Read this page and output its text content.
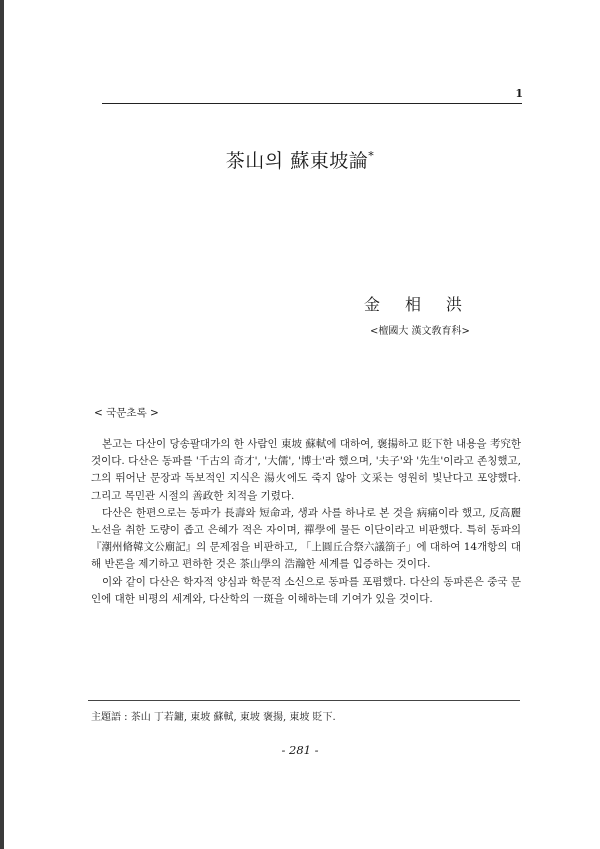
1
茶山의 蘇東坡論*
金相洪
<檀國大 漢文敎育科>
< 국문초록 >

본고는 다산이 당송팔대가의 한 사람인 東坡 蘇軾에 대하여, 褒揚하고 貶下한 내용을 考究한 것이다. 다산은 동파를 '千古의 奇才', '大儒', '博士'라 했으며, '夫子'와 '先生'이라고 존칭했고, 그의 뛰어난 문장과 독보적인 지식은 湯火에도 죽지 않아 文采는 영원히 빛난다고 포양했다. 그리고 목민관 시절의 善政한 치적을 기렸다.

다산은 한편으로는 동파가 長壽와 短命과, 생과 사를 하나로 본 것을 病痛이라 했고, 反高麗 노선을 취한 도량이 좁고 은혜가 적은 자이며, 禪學에 물든 이단이라고 비판했다. 특히 동파의 『潮州脩韓文公廟記』의 문제점을 비판하고, 「上圓丘合祭六議箚子」에 대하여 14개항의 대해 반론을 제기하고 편하한 것은 茶山學의 浩瀚한 세계를 입증하는 것이다.

이와 같이 다산은 학자적 양심과 학문적 소신으로 동파를 포폄했다. 다산의 동파론은 중국 문인에 대한 비평의 세계와, 다산학의 一斑을 이해하는데 기여가 있을 것이다.

主題語 : 茶山 丁若鏞, 東坡 蘇軾, 東坡 褒揚, 東坡 貶下.
- 281 -
